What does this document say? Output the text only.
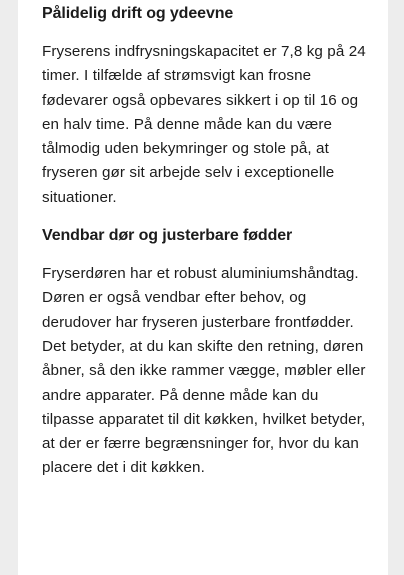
Pålidelig drift og ydeevne

Fryserens indfrysningskapacitet er 7,8 kg på 24 timer. I tilfælde af strømsvigt kan frosne fødevarer også opbevares sikkert i op til 16 og en halv time. På denne måde kan du være tålmodig uden bekymringer og stole på, at fryseren gør sit arbejde selv i exceptionelle situationer.

Vendbar dør og justerbare fødder

Fryserdøren har et robust aluminiumshåndtag. Døren er også vendbar efter behov, og derudover har fryseren justerbare frontfødder. Det betyder, at du kan skifte den retning, døren åbner, så den ikke rammer vægge, møbler eller andre apparater. På denne måde kan du tilpasse apparatet til dit køkken, hvilket betyder, at der er færre begrænsninger for, hvor du kan placere det i dit køkken.
